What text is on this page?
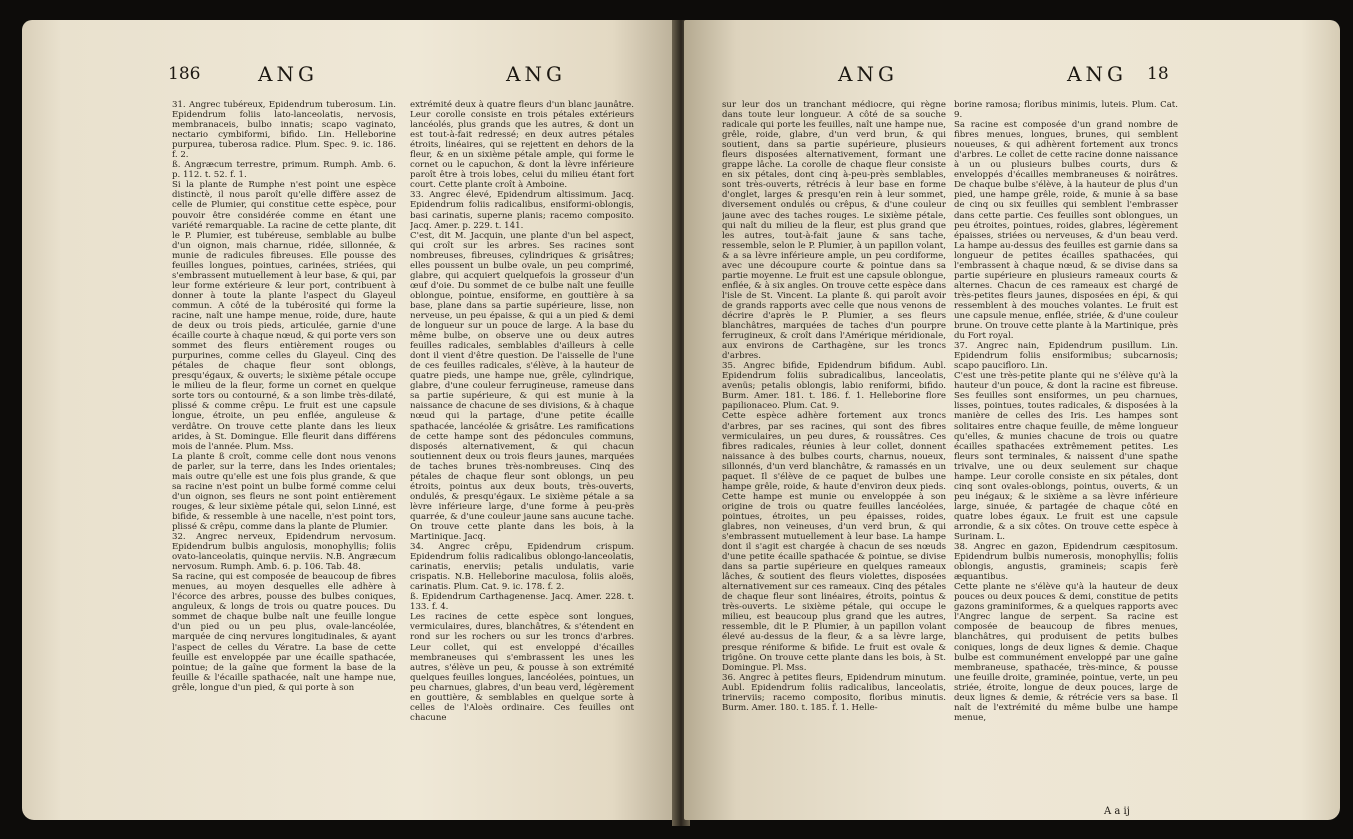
186	ANG	ANG
31. Angrec tubéreux, Epidendrum tuberosum. Lin. Epidendrum foliis lato-lanceolatis, nervosis, membranaceis, bulbo innatis; scapo vaginato, nectario cymbiformi, bifido. Lin. Helleborine purpurea, tuberosa radice. Plum. Spec. 9. ic. 186. f. 2.
ß. Angræcum terrestre, primum. Rumph. Amb. 6. p. 112. t. 52. f. 1.
Si la plante de Rumphe n'est point une espèce distinctè, il nous paroît qu'elle diffère assez de celle de Plumier, qui constitue cette espèce, pour pouvoir être considérée comme en étant une variété remarquable. La racine de cette plante, dit le P. Plumier, est tubéreuse, semblable au bulbe d'un oignon, mais charnue, ridée, sillonnée, & munie de radicules fibreuses. Elle pousse des feuilles longues, pointues, carinées, striées, qui s'embrassent mutuellement à leur base, & qui, par leur forme extérieure & leur port, contribuent à donner à toute la plante l'aspect du Glayeul commun. A côté de la tubérosité qui forme la racine, naît une hampe menue, roide, dure, haute de deux ou trois pieds, articulée, garnie d'une écaille courte à chaque nœud, & qui porte vers son sommet des fleurs entièrement rouges ou purpurines, comme celles du Glayeul. Cinq des pétales de chaque fleur sont oblongs, presqu'égaux, & ouverts; le sixième pétale occupe le milieu de la fleur, forme un cornet en quelque sorte tors ou contourné, & a son limbe très-dilaté, plissé & comme crêpu. Le fruit est une capsule longue, étroite, un peu enflée, anguleuse & verdâtre. On trouve cette plante dans les lieux arides, à St. Domingue. Elle fleurit dans différens mois de l'année. Plum. Mss.
La plante ß croît, comme celle dont nous venons de parler, sur la terre, dans les Indes orientales; mais outre qu'elle est une fois plus grande, & que sa racine n'est point un bulbe formé comme celui d'un oignon, ses fleurs ne sont point entièrement rouges, & leur sixième pétale qui, selon Linné, est bifide, & ressemble à une nacelle, n'est point tors, plissé & crêpu, comme dans la plante de Plumier.
32. Angrec nerveux, Epidendrum nervosum. Epidendrum bulbis angulosis, monophyllis; foliis ovato-lanceolatis, quinque nerviis. N.B. Angræcum nervosum. Rumph. Amb. 6. p. 106. Tab. 48.
Sa racine, qui est composée de beaucoup de fibres menues, au moyen desquelles elle adhère à l'écorce des arbres, pousse des bulbes coniques, anguleux, & longs de trois ou quatre pouces. Du sommet de chaque bulbe naît une feuille longue d'un pied ou un peu plus, ovale-lancéolée, marquée de cinq nervures longitudinales, & ayant l'aspect de celles du Vératre. La base de cette feuille est enveloppée par une écaille spathacée, pointue; de la gaîne que forment la base de la feuille & l'écaille spathacée, naît une hampe nue, grêle, longue d'un pied, & qui porte à son
extrémité deux à quatre fleurs d'un blanc jaunâtre. Leur corolle consiste en trois pétales extérieurs lancéolés, plus grands que les autres, & dont un est tout-à-fait redressé; en deux autres pétales étroits, linéaires, qui se rejettent en dehors de la fleur, & en un sixième pétale ample, qui forme le cornet ou le capuchon, & dont la lèvre inférieure paroît être à trois lobes, celui du milieu étant fort court. Cette plante croît à Amboine.
33. Angrec élevé, Epidendrum altissimum. Jacq. Epidendrum foliis radicalibus, ensiformi-oblongis, basi carinatis, superne planis; racemo composito. Jacq. Amer. p. 229. t. 141.
C'est, dit M. Jacquin, une plante d'un bel aspect, qui croît sur les arbres. Ses racines sont nombreuses, fibreuses, cylindriques & grisâtres; elles poussent un bulbe ovale, un peu comprimé, glabre, qui acquiert quelquefois la grosseur d'un œuf d'oie. Du sommet de ce bulbe naît une feuille oblongue, pointue, ensiforme, en gouttière à sa base, plane dans sa partie supérieure, lisse, non nerveuse, un peu épaisse, & qui a un pied & demi de longueur sur un pouce de large. A la base du même bulbe, on observe une ou deux autres feuilles radicales, semblables d'ailleurs à celle dont il vient d'être question. De l'aisselle de l'une de ces feuilles radicales, s'élève, à la hauteur de quatre pieds, une hampe nue, grêle, cylindrique, glabre, d'une couleur ferrugineuse, rameuse dans sa partie supérieure, & qui est munie à la naissance de chacune de ses divisions, & à chaque nœud qui la partage, d'une petite écaille spathacée, lancéolée & grisâtre. Les ramifications de cette hampe sont des pédoncules communs, disposés alternativement, & qui chacun soutiennent deux ou trois fleurs jaunes, marquées de taches brunes très-nombreuses. Cinq des pétales de chaque fleur sont oblongs, un peu étroits, pointus aux deux bouts, très-ouverts, ondulés, & presqu'égaux. Le sixième pétale a sa lèvre inférieure large, d'une forme à peu-près quarrée, & d'une couleur jaune sans aucune tache. On trouve cette plante dans les bois, à la Martinique. Jacq.
34. Angrec crêpu, Epidendrum crispum. Epidendrum foliis radicalibus oblongo-lanceolatis, carinatis, enerviis; petalis undulatis, varie crispatis. N.B. Helleborine maculosa, foliis aloës, carinatis. Plum. Cat. 9. ic. 178. f. 2.
ß. Epidendrum Carthagenense. Jacq. Amer. 228. t. 133. f. 4.
Les racines de cette espèce sont longues, vermiculaires, dures, blanchâtres, & s'étendent en rond sur les rochers ou sur les troncs d'arbres. Leur collet, qui est enveloppé d'écailles membraneuses qui s'embrassent les unes les autres, s'élève un peu, & pousse à son extrémité quelques feuilles longues, lancéolées, pointues, un peu charnues, glabres, d'un beau verd, légèrement en gouttière, & semblables en quelque sorte à celles de l'Aloès ordinaire. Ces feuilles ont chacune
ANG	ANG 18
sur leur dos un tranchant médiocre, qui règne dans toute leur longueur. A côté de sa souche radicale qui porte les feuilles, naît une hampe nue, grêle, roide, glabre, d'un verd brun, & qui soutient, dans sa partie supérieure, plusieurs fleurs disposées alternativement, formant une grappe lâche. La corolle de chaque fleur consiste en six pétales, dont cinq à-peu-près semblables, sont très-ouverts, rétrécis à leur base en forme d'onglet, larges & presqu'en rein à leur sommet, diversement ondulés ou crêpus, & d'une couleur jaune avec des taches rouges. Le sixième pétale, qui naît du milieu de la fleur, est plus grand que les autres, tout-à-fait jaune & sans tache, ressemble, selon le P. Plumier, à un papillon volant, & a sa lèvre inférieure ample, un peu cordiforme, avec une découpure courte & pointue dans sa partie moyenne. Le fruit est une capsule oblongue, enflée, & à six angles. On trouve cette espèce dans l'isle de St. Vincent. La plante ß. qui paroît avoir de grands rapports avec celle que nous venons de décrire d'après le P. Plumier, a ses fleurs blanchâtres, marquées de taches d'un pourpre ferrugineux, & croît dans l'Amérique méridionale, aux environs de Carthagène, sur les troncs d'arbres.
35. Angrec bifide, Epidendrum bifidum. Aubl. Epidendrum foliis subradicalibus, lanceolatis, avenüs; petalis oblongis, labio reniformi, bifido. Burm. Amer. 181. t. 186. f. 1. Helleborine flore papilionaceo. Plum. Cat. 9.
Cette espèce adhère fortement aux troncs d'arbres, par ses racines, qui sont des fibres vermiculaires, un peu dures, & roussâtres. Ces fibres radicales, réunies à leur collet, donnent naissance à des bulbes courts, charnus, noueux, sillonnés, d'un verd blanchâtre, & ramassés en un paquet. Il s'élève de ce paquet de bulbes une hampe grêle, roide, & haute d'environ deux pieds. Cette hampe est munie ou enveloppée à son origine de trois ou quatre feuilles lancéolées, pointues, étroites, un peu épaisses, roides, glabres, non veineuses, d'un verd brun, & qui s'embrassent mutuellement à leur base. La hampe dont il s'agit est chargée à chacun de ses nœuds d'une petite écaille spathacée & pointue, se divise dans sa partie supérieure en quelques rameaux lâches, & soutient des fleurs violettes, disposées alternativement sur ces rameaux. Cinq des pétales de chaque fleur sont linéaires, étroits, pointus & très-ouverts. Le sixième pétale, qui occupe le milieu, est beaucoup plus grand que les autres, ressemble, dit le P. Plumier, à un papillon volant élevé au-dessus de la fleur, & a sa lèvre large, presque réniforme & bifide. Le fruit est ovale & trigône. On trouve cette plante dans les bois, à St. Domingue. Pl. Mss.
36. Angrec à petites fleurs, Epidendrum minutum. Aubl. Epidendrum foliis radicalibus, lanceolatis, trinerviis; racemo composito, floribus minutis. Burm. Amer. 180. t. 185. f. 1. Helle-
borine ramosa; floribus minimis, luteis. Plum. Cat. 9.
Sa racine est composée d'un grand nombre de fibres menues, longues, brunes, qui semblent noueuses, & qui adhèrent fortement aux troncs d'arbres. Le collet de cette racine donne naissance à un ou plusieurs bulbes courts, durs & enveloppés d'écailles membraneuses & noirâtres. De chaque bulbe s'élève, à la hauteur de plus d'un pied, une hampe grêle, roide, & munie à sa base de cinq ou six feuilles qui semblent l'embrasser dans cette partie. Ces feuilles sont oblongues, un peu étroites, pointues, roides, glabres, légèrement épaisses, striées ou nerveuses, & d'un beau verd. La hampe au-dessus des feuilles est garnie dans sa longueur de petites écailles spathacées, qui l'embrassent à chaque nœud, & se divise dans sa partie supérieure en plusieurs rameaux courts & alternes. Chacun de ces rameaux est chargé de très-petites fleurs jaunes, disposées en épi, & qui ressemblent à des mouches volantes. Le fruit est une capsule menue, enflée, striée, & d'une couleur brune. On trouve cette plante à la Martinique, près du Fort royal.
37. Angrec nain, Epidendrum pusillum. Lin. Epidendrum foliis ensiformibus; subcarnosis; scapo paucifloro. Lin.
C'est une très-petite plante qui ne s'élève qu'à la hauteur d'un pouce, & dont la racine est fibreuse. Ses feuilles sont ensiformes, un peu charnues, lisses, pointues, toutes radicales, & disposées à la manière de celles des Iris. Les hampes sont solitaires entre chaque feuille, de même longueur qu'elles, & munies chacune de trois ou quatre écailles spathacées extrêmement petites. Les fleurs sont terminales, & naissent d'une spathe trivalve, une ou deux seulement sur chaque hampe. Leur corolle consiste en six pétales, dont cinq sont ovales-oblongs, pointus, ouverts, & un peu inégaux; & le sixième a sa lèvre inférieure large, sinuée, & partagée de chaque côté en quatre lobes égaux. Le fruit est une capsule arrondie, & a six côtes. On trouve cette espèce à Surinam. L.
38. Angrec en gazon, Epidendrum cæspitosum. Epidendrum bulbis numerosis, monophyllis; foliis oblongis, angustis, gramineis; scapis ferè æquantibus.
Cette plante ne s'élève qu'à la hauteur de deux pouces ou deux pouces & demi, constitue de petits gazons graminiformes, & a quelques rapports avec l'Angrec langue de serpent. Sa racine est composée de beaucoup de fibres menues, blanchâtres, qui produisent de petits bulbes coniques, longs de deux lignes & demie. Chaque bulbe est communément enveloppé par une gaîne membraneuse, spathacée, très-mince, & pousse une feuille droite, graminée, pointue, verte, un peu striée, étroite, longue de deux pouces, large de deux lignes & demie, & rétrécie vers sa base. Il naît de l'extrémité du même bulbe une hampe menue,
A a ij
